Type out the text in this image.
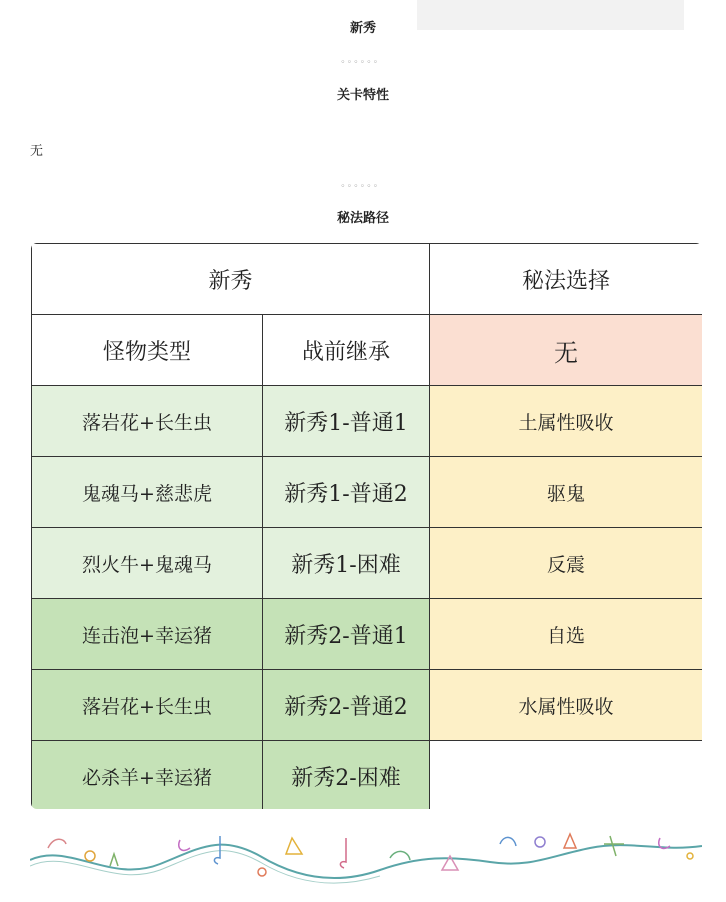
新秀
。。。。。。
关卡特性
无
。。。。。。
秘法路径
新秀		秘法选择
怪物类型	战前继承	无
落岩花+长生虫	新秀1-普通1	土属性吸收
鬼魂马+慈悲虎	新秀1-普通2	驱鬼
烈火牛+鬼魂马	新秀1-困难	反震
连击泡+幸运猪	新秀2-普通1	自选
落岩花+长生虫	新秀2-普通2	水属性吸收
必杀羊+幸运猪	新秀2-困难	
